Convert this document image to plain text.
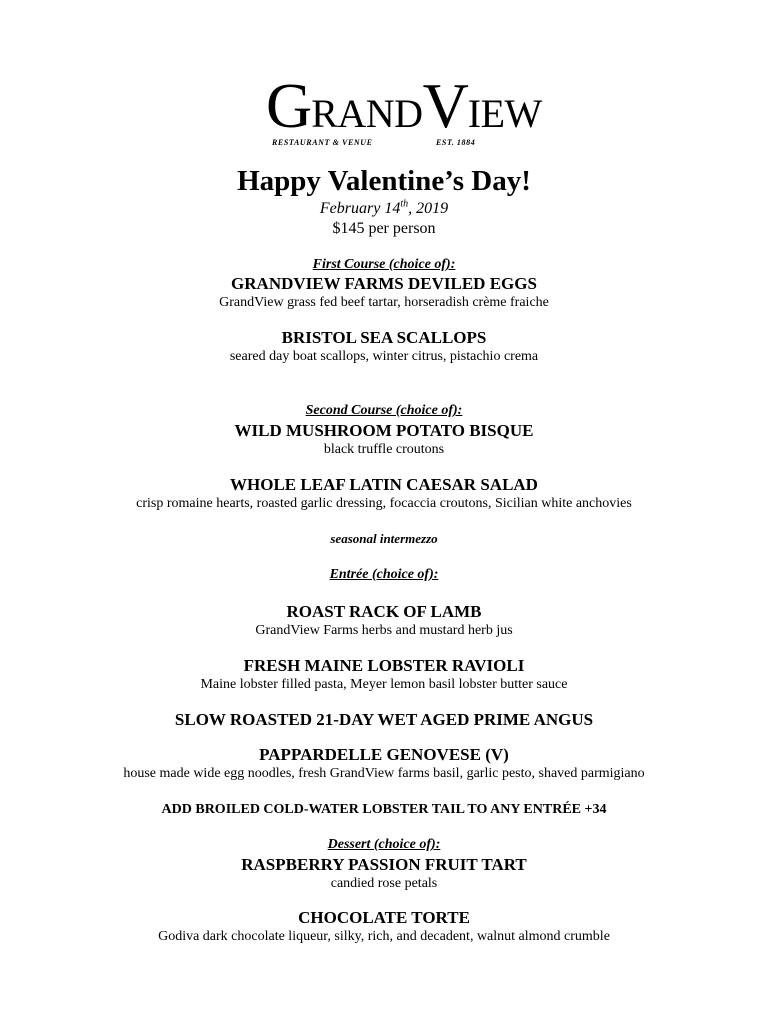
GRANDVIEW
RESTAURANT & VENUE	EST. 1884
Happy Valentine’s Day!
February 14th, 2019
$145 per person
First Course (choice of):
GRANDVIEW FARMS DEVILED EGGS
GrandView grass fed beef tartar, horseradish crème fraiche
BRISTOL SEA SCALLOPS
seared day boat scallops, winter citrus, pistachio crema
Second Course (choice of):
WILD MUSHROOM POTATO BISQUE
black truffle croutons
WHOLE LEAF LATIN CAESAR SALAD
crisp romaine hearts, roasted garlic dressing, focaccia croutons, Sicilian white anchovies
seasonal intermezzo
Entrée (choice of):
ROAST RACK OF LAMB
GrandView Farms herbs and mustard herb jus
FRESH MAINE LOBSTER RAVIOLI
Maine lobster filled pasta, Meyer lemon basil lobster butter sauce
SLOW ROASTED 21-DAY WET AGED PRIME ANGUS
PAPPARDELLE GENOVESE (V)
house made wide egg noodles, fresh GrandView farms basil, garlic pesto, shaved parmigiano
ADD BROILED COLD-WATER LOBSTER TAIL TO ANY ENTRÉE +34
Dessert (choice of):
RASPBERRY PASSION FRUIT TART
candied rose petals
CHOCOLATE TORTE
Godiva dark chocolate liqueur, silky, rich, and decadent, walnut almond crumble
